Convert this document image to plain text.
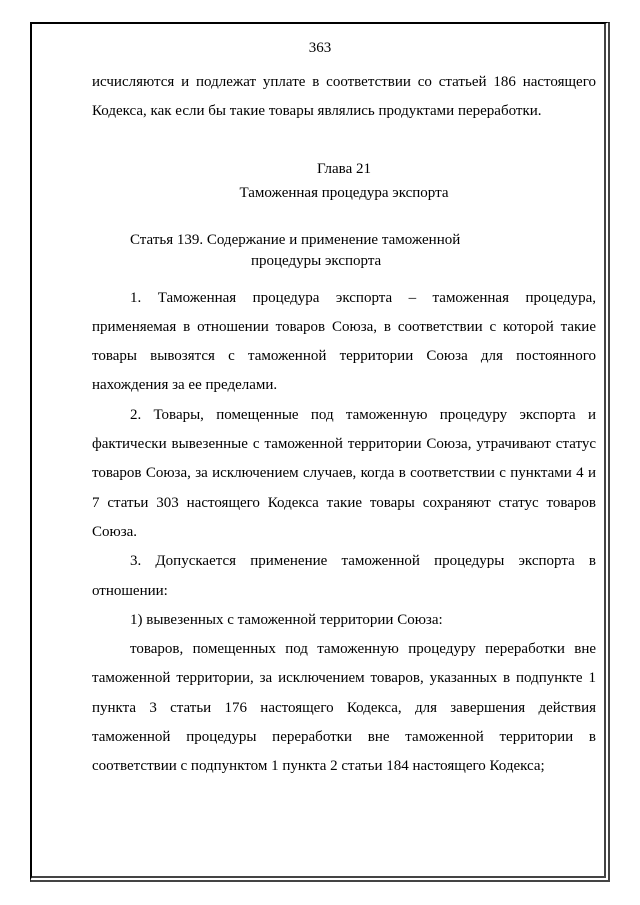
363

исчисляются и подлежат уплате в соответствии со статьей 186 настоящего Кодекса, как если бы такие товары являлись продуктами переработки.

Глава 21
Таможенная процедура экспорта
Статья 139. Содержание и применение таможенной
процедуры экспорта

1. Таможенная процедура экспорта – таможенная процедура, применяемая в отношении товаров Союза, в соответствии с которой такие товары вывозятся с таможенной территории Союза для постоянного нахождения за ее пределами.

2. Товары, помещенные под таможенную процедуру экспорта и фактически вывезенные с таможенной территории Союза, утрачивают статус товаров Союза, за исключением случаев, когда в соответствии с пунктами 4 и 7 статьи 303 настоящего Кодекса такие товары сохраняют статус товаров Союза.

3. Допускается применение таможенной процедуры экспорта в отношении:

1) вывезенных с таможенной территории Союза:

товаров, помещенных под таможенную процедуру переработки вне таможенной территории, за исключением товаров, указанных в подпункте 1 пункта 3 статьи 176 настоящего Кодекса, для завершения действия таможенной процедуры переработки вне таможенной территории в соответствии с подпунктом 1 пункта 2 статьи 184 настоящего Кодекса;
